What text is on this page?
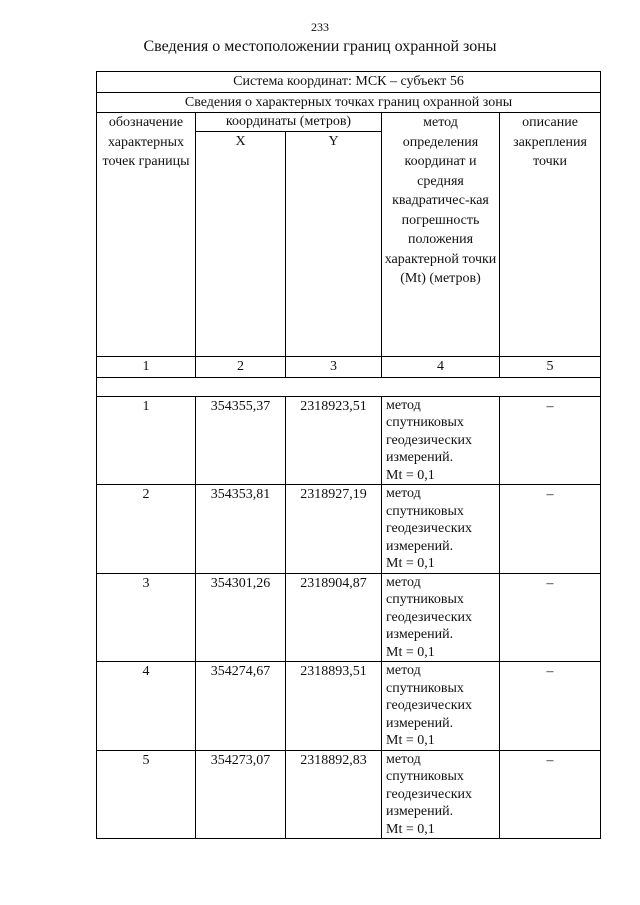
233
Сведения о местоположении границ охранной зоны
Система координат: МСК – субъект 56				
Сведения о характерных точках границ охранной зоны				
обозначение характерных точек границы	координаты (метров)		метод определения координат и средняя квадратичес-кая погрешность положения характерной точки (Mt) (метров)	описание закрепления точки
	X	Y		
1	2	3	4	5

1	354355,37	2318923,51	метод
спутниковых
геодезических
измерений.
Mt = 0,1	–
2	354353,81	2318927,19	метод
спутниковых
геодезических
измерений.
Mt = 0,1	–
3	354301,26	2318904,87	метод
спутниковых
геодезических
измерений.
Mt = 0,1	–
4	354274,67	2318893,51	метод
спутниковых
геодезических
измерений.
Mt = 0,1	–
5	354273,07	2318892,83	метод
спутниковых
геодезических
измерений.
Mt = 0,1	–
